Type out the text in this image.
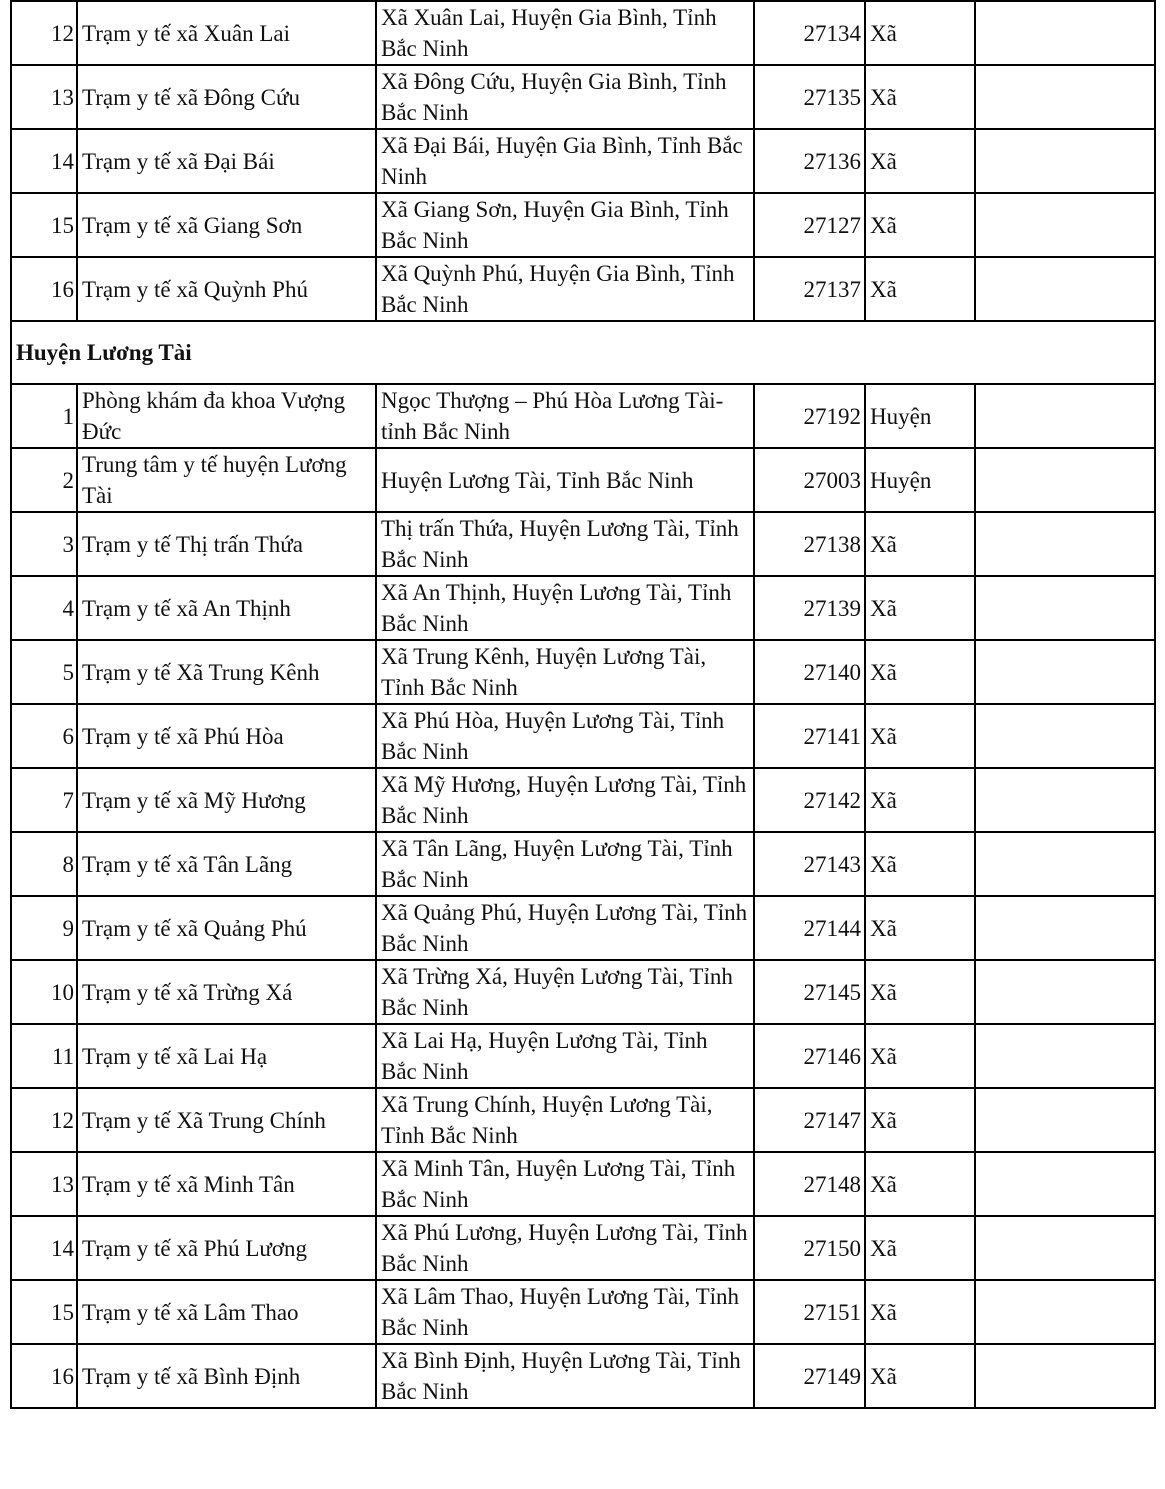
12	Trạm y tế xã Xuân Lai	Xã Xuân Lai, Huyện Gia Bình, Tỉnh Bắc Ninh	27134	Xã	
13	Trạm y tế xã Đông Cứu	Xã Đông Cứu, Huyện Gia Bình, Tỉnh Bắc Ninh	27135	Xã	
14	Trạm y tế xã Đại Bái	Xã Đại Bái, Huyện Gia Bình, Tỉnh Bắc Ninh	27136	Xã	
15	Trạm y tế xã Giang Sơn	Xã Giang Sơn, Huyện Gia Bình, Tỉnh Bắc Ninh	27127	Xã	
16	Trạm y tế xã Quỳnh Phú	Xã Quỳnh Phú, Huyện Gia Bình, Tỉnh Bắc Ninh	27137	Xã	
Huyện Lương Tài					
1	Phòng khám đa khoa Vượng Đức	Ngọc Thượng – Phú Hòa Lương Tài- tỉnh Bắc Ninh	27192	Huyện	
2	Trung tâm y tế huyện Lương Tài	Huyện Lương Tài, Tỉnh Bắc Ninh	27003	Huyện	
3	Trạm y tế Thị trấn Thứa	Thị trấn Thứa, Huyện Lương Tài, Tỉnh Bắc Ninh	27138	Xã	
4	Trạm y tế xã An Thịnh	Xã An Thịnh, Huyện Lương Tài, Tỉnh Bắc Ninh	27139	Xã	
5	Trạm y tế Xã Trung Kênh	Xã Trung Kênh, Huyện Lương Tài, Tỉnh Bắc Ninh	27140	Xã	
6	Trạm y tế xã Phú Hòa	Xã Phú Hòa, Huyện Lương Tài, Tỉnh Bắc Ninh	27141	Xã	
7	Trạm y tế xã Mỹ Hương	Xã Mỹ Hương, Huyện Lương Tài, Tỉnh Bắc Ninh	27142	Xã	
8	Trạm y tế xã Tân Lãng	Xã Tân Lãng, Huyện Lương Tài, Tỉnh Bắc Ninh	27143	Xã	
9	Trạm y tế xã Quảng Phú	Xã Quảng Phú, Huyện Lương Tài, Tỉnh Bắc Ninh	27144	Xã	
10	Trạm y tế xã Trừng Xá	Xã Trừng Xá, Huyện Lương Tài, Tỉnh Bắc Ninh	27145	Xã	
11	Trạm y tế xã Lai Hạ	Xã Lai Hạ, Huyện Lương Tài, Tỉnh Bắc Ninh	27146	Xã	
12	Trạm y tế Xã Trung Chính	Xã Trung Chính, Huyện Lương Tài, Tỉnh Bắc Ninh	27147	Xã	
13	Trạm y tế xã Minh Tân	Xã Minh Tân, Huyện Lương Tài, Tỉnh Bắc Ninh	27148	Xã	
14	Trạm y tế xã Phú Lương	Xã Phú Lương, Huyện Lương Tài, Tỉnh Bắc Ninh	27150	Xã	
15	Trạm y tế xã Lâm Thao	Xã Lâm Thao, Huyện Lương Tài, Tỉnh Bắc Ninh	27151	Xã	
16	Trạm y tế xã Bình Định	Xã Bình Định, Huyện Lương Tài, Tỉnh Bắc Ninh	27149	Xã	
